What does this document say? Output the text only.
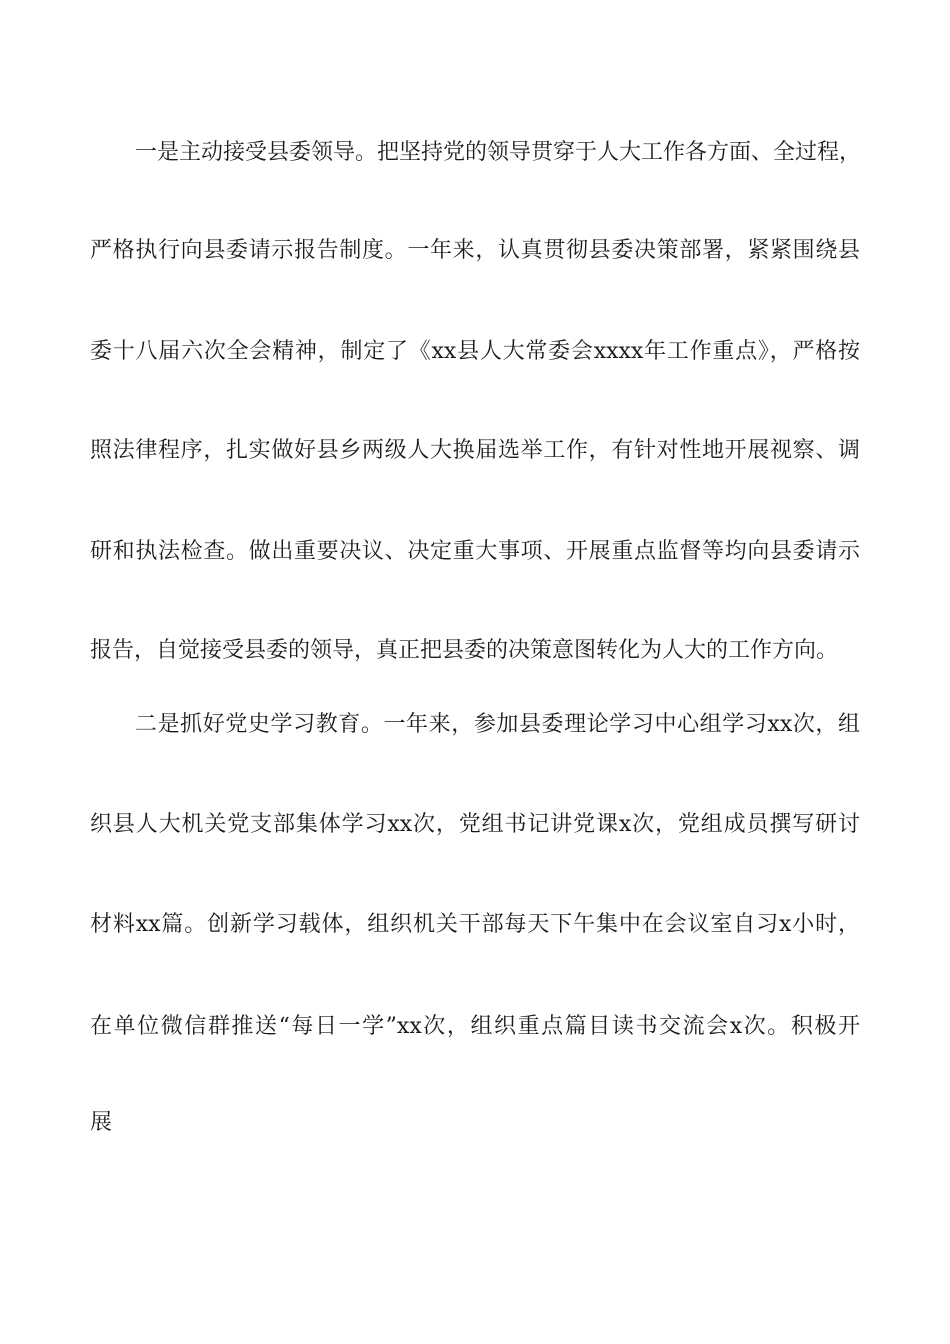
一是主动接受县委领导。把坚持党的领导贯穿于人大工作各方面、全过程，
严格执行向县委请示报告制度。一年来，认真贯彻县委决策部署，紧紧围绕县
委十八届六次全会精神，制定了《xx县人大常委会xxxx年工作重点》，严格按
照法律程序，扎实做好县乡两级人大换届选举工作，有针对性地开展视察、调
研和执法检查。做出重要决议、决定重大事项、开展重点监督等均向县委请示
报告，自觉接受县委的领导，真正把县委的决策意图转化为人大的工作方向。
二是抓好党史学习教育。一年来，参加县委理论学习中心组学习xx次，组
织县人大机关党支部集体学习xx次，党组书记讲党课x次，党组成员撰写研讨
材料xx篇。创新学习载体，组织机关干部每天下午集中在会议室自习x小时，
在单位微信群推送“每日一学”xx次，组织重点篇目读书交流会x次。积极开
展
